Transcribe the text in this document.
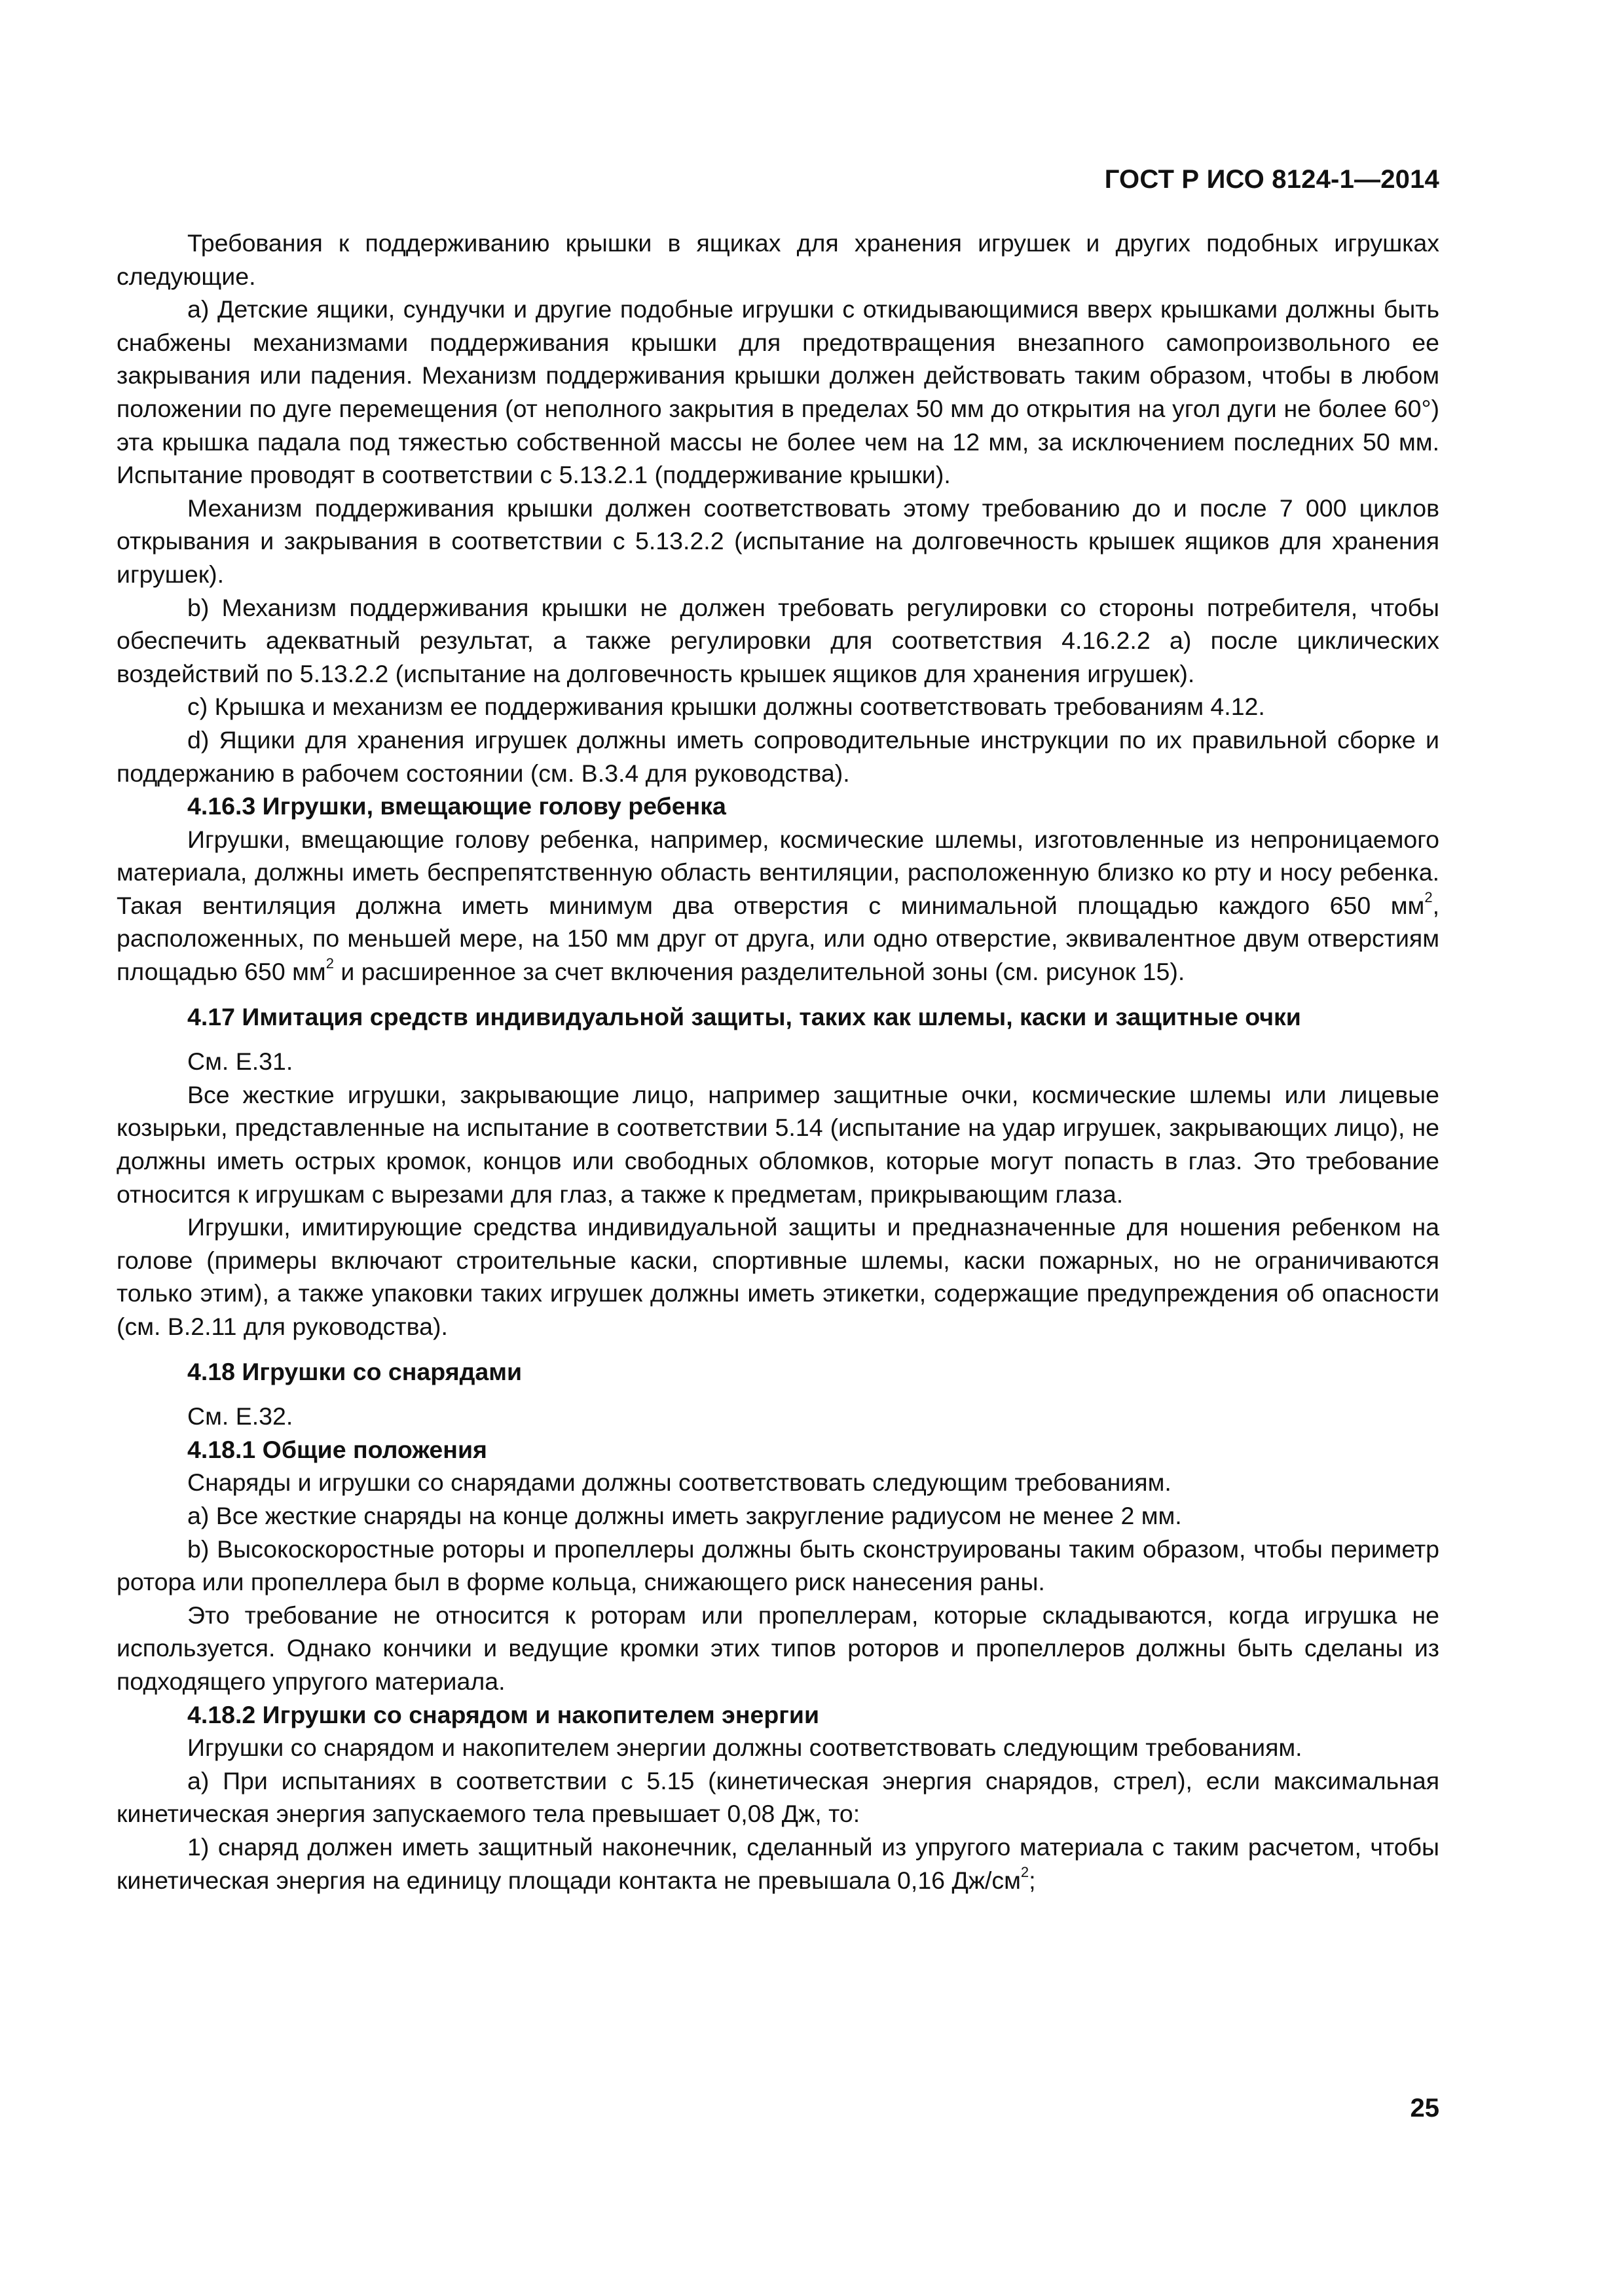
ГОСТ Р ИСО 8124-1—2014

Требования к поддерживанию крышки в ящиках для хранения игрушек и других подобных игрушках следующие.

a) Детские ящики, сундучки и другие подобные игрушки с откидывающимися вверх крышками должны быть снабжены механизмами поддерживания крышки для предотвращения внезапного самопроизвольного ее закрывания или падения. Механизм поддерживания крышки должен действовать таким образом, чтобы в любом положении по дуге перемещения (от неполного закрытия в пределах 50 мм до открытия на угол дуги не более 60°) эта крышка падала под тяжестью собственной массы не более чем на 12 мм, за исключением последних 50 мм. Испытание проводят в соответствии с 5.13.2.1 (поддерживание крышки).

Механизм поддерживания крышки должен соответствовать этому требованию до и после 7 000 циклов открывания и закрывания в соответствии с 5.13.2.2 (испытание на долговечность крышек ящиков для хранения игрушек).

b) Механизм поддерживания крышки не должен требовать регулировки со стороны потребителя, чтобы обеспечить адекватный результат, а также регулировки для соответствия 4.16.2.2 a) после циклических воздействий по 5.13.2.2 (испытание на долговечность крышек ящиков для хранения игрушек).

c) Крышка и механизм ее поддерживания крышки должны соответствовать требованиям 4.12.

d) Ящики для хранения игрушек должны иметь сопроводительные инструкции по их правильной сборке и поддержанию в рабочем состоянии (см. В.3.4 для руководства).

4.16.3 Игрушки, вмещающие голову ребенка

Игрушки, вмещающие голову ребенка, например, космические шлемы, изготовленные из непроницаемого материала, должны иметь беспрепятственную область вентиляции, расположенную близко ко рту и носу ребенка. Такая вентиляция должна иметь минимум два отверстия с минимальной площадью каждого 650 $мм^2$, расположенных, по меньшей мере, на 150 мм друг от друга, или одно отверстие, эквивалентное двум отверстиям площадью 650 $мм^2$ и расширенное за счет включения разделительной зоны (см. рисунок 15).

4.17 Имитация средств индивидуальной защиты, таких как шлемы, каски и защитные очки

См. E.31.

Все жесткие игрушки, закрывающие лицо, например защитные очки, космические шлемы или лицевые козырьки, представленные на испытание в соответствии 5.14 (испытание на удар игрушек, закрывающих лицо), не должны иметь острых кромок, концов или свободных обломков, которые могут попасть в глаз. Это требование относится к игрушкам с вырезами для глаз, а также к предметам, прикрывающим глаза.

Игрушки, имитирующие средства индивидуальной защиты и предназначенные для ношения ребенком на голове (примеры включают строительные каски, спортивные шлемы, каски пожарных, но не ограничиваются только этим), а также упаковки таких игрушек должны иметь этикетки, содержащие предупреждения об опасности (см. B.2.11 для руководства).

4.18 Игрушки со снарядами

См. E.32.

4.18.1 Общие положения

Снаряды и игрушки со снарядами должны соответствовать следующим требованиям.

a) Все жесткие снаряды на конце должны иметь закругление радиусом не менее 2 мм.

b) Высокоскоростные роторы и пропеллеры должны быть сконструированы таким образом, чтобы периметр ротора или пропеллера был в форме кольца, снижающего риск нанесения раны.

Это требование не относится к роторам или пропеллерам, которые складываются, когда игрушка не используется. Однако кончики и ведущие кромки этих типов роторов и пропеллеров должны быть сделаны из подходящего упругого материала.

4.18.2 Игрушки со снарядом и накопителем энергии

Игрушки со снарядом и накопителем энергии должны соответствовать следующим требованиям.

a) При испытаниях в соответствии с 5.15 (кинетическая энергия снарядов, стрел), если максимальная кинетическая энергия запускаемого тела превышает 0,08 Дж, то:

1) снаряд должен иметь защитный наконечник, сделанный из упругого материала с таким расчетом, чтобы кинетическая энергия на единицу площади контакта не превышала 0,16 $Дж/см^2$;

25
